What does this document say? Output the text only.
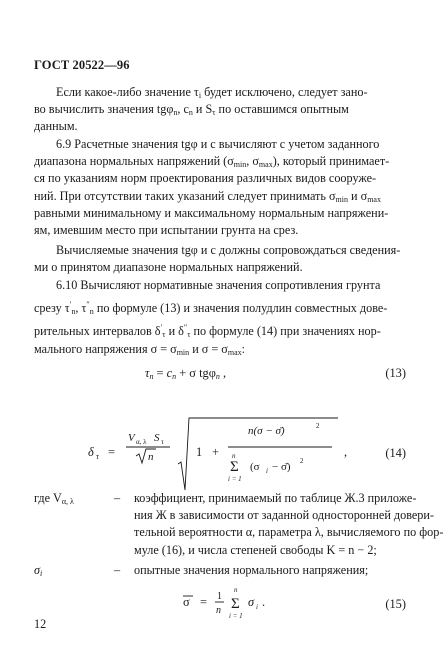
ГОСТ 20522—96
Если какое-либо значение $\tau_i$ будет исключено, следует зано-
во вычислить значения tgφ$_n$, $c_n$ и $S_\tau$ по оставшимся опытным
данным.
6.9 Расчетные значения tgφ и c вычисляют с учетом заданного
диапазона нормальных напряжений ($\sigma_{min}$, $\sigma_{max}$), который принимает-
ся по указаниям норм проектирования различных видов сооруже-
ний. При отсутствии таких указаний следует принимать $\sigma_{min}$ и $\sigma_{max}$
равными минимальному и максимальному нормальным напряжени-
ям, имевшим место при испытании грунта на срез.
Вычисляемые значения tgφ и c должны сопровождаться сведения-
ми о принятом диапазоне нормальных напряжений.
6.10 Вычисляют нормативные значения сопротивления грунта
срезу $\tau'_n$, $\tau''_n$ по формуле (13) и значения полудлин совместных дове-
рительных интервалов $\delta'_\tau$ и $\delta''_\tau$ по формуле (14) при значениях нор-
мального напряжения $\sigma = \sigma_{min}$ и $\sigma = \sigma_{max}$:
$\tau_n = c_n + \sigma$ tgφ$_n$ ,	(13)
δ τ =
V α, λ S τ
n	1 +
n(σ − σ̄)	2
n
Σ
i = 1
(σ i − σ̄) 2
,	(14)
где $V_{\alpha, \lambda}$	– коэффициент, принимаемый по таблице Ж.3 приложе-
ния Ж в зависимости от заданной односторонней довери-
тельной вероятности α, параметра λ, вычисляемого по фор-
муле (16), и числа степеней свободы K = n − 2;
$\sigma_i$	– опытные значения нормального напряжения;
σ = 1
n
n
Σ
i = 1
σ i .	(15)
12
